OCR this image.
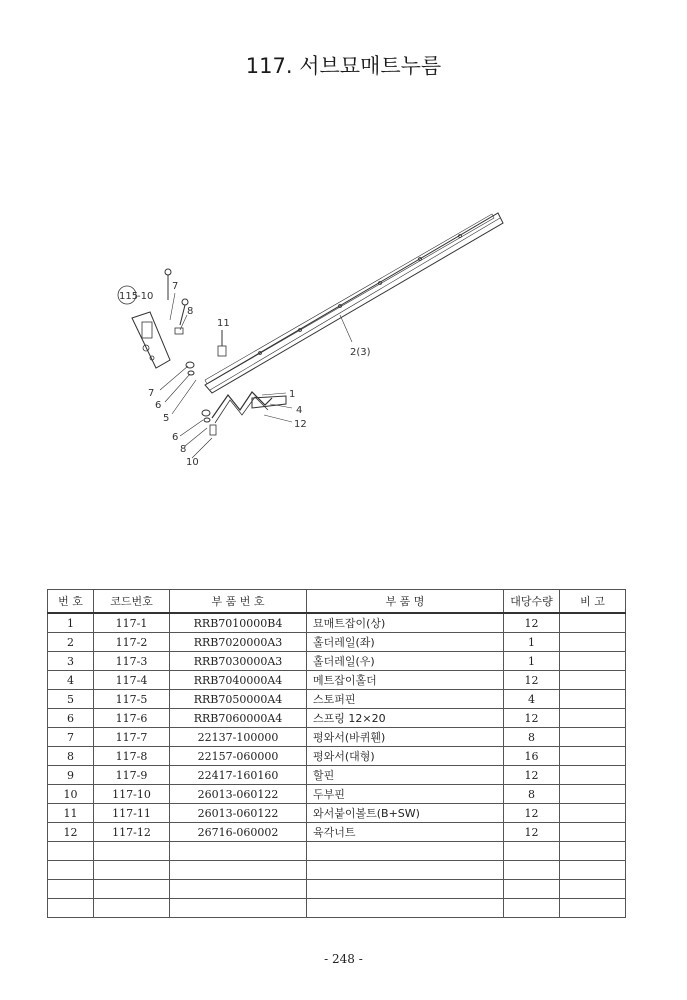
117. 서브묘매트누름
115
-10
7
8
11
2(3)
7
6
5
1
4
12
6
8
10
번 호	코드번호	부 품 번 호	부 품 명	대당수량	비 고
1	117-1	RRB7010000B4	묘매트잡이(상)	12	
2	117-2	RRB7020000A3	홀더레일(좌)	1	
3	117-3	RRB7030000A3	홀더레일(우)	1	
4	117-4	RRB7040000A4	메트잡이홀더	12	
5	117-5	RRB7050000A4	스토퍼핀	4	
6	117-6	RRB7060000A4	스프링 12×20	12	
7	117-7	22137-100000	평와서(바퀴휀)	8	
8	117-8	22157-060000	평와서(대형)	16	
9	117-9	22417-160160	할핀	12	
10	117-10	26013-060122	두부핀	8	
11	117-11	26013-060122	와서붙이볼트(B+SW)	12	
12	117-12	26716-060002	육각너트	12	

- 248 -
